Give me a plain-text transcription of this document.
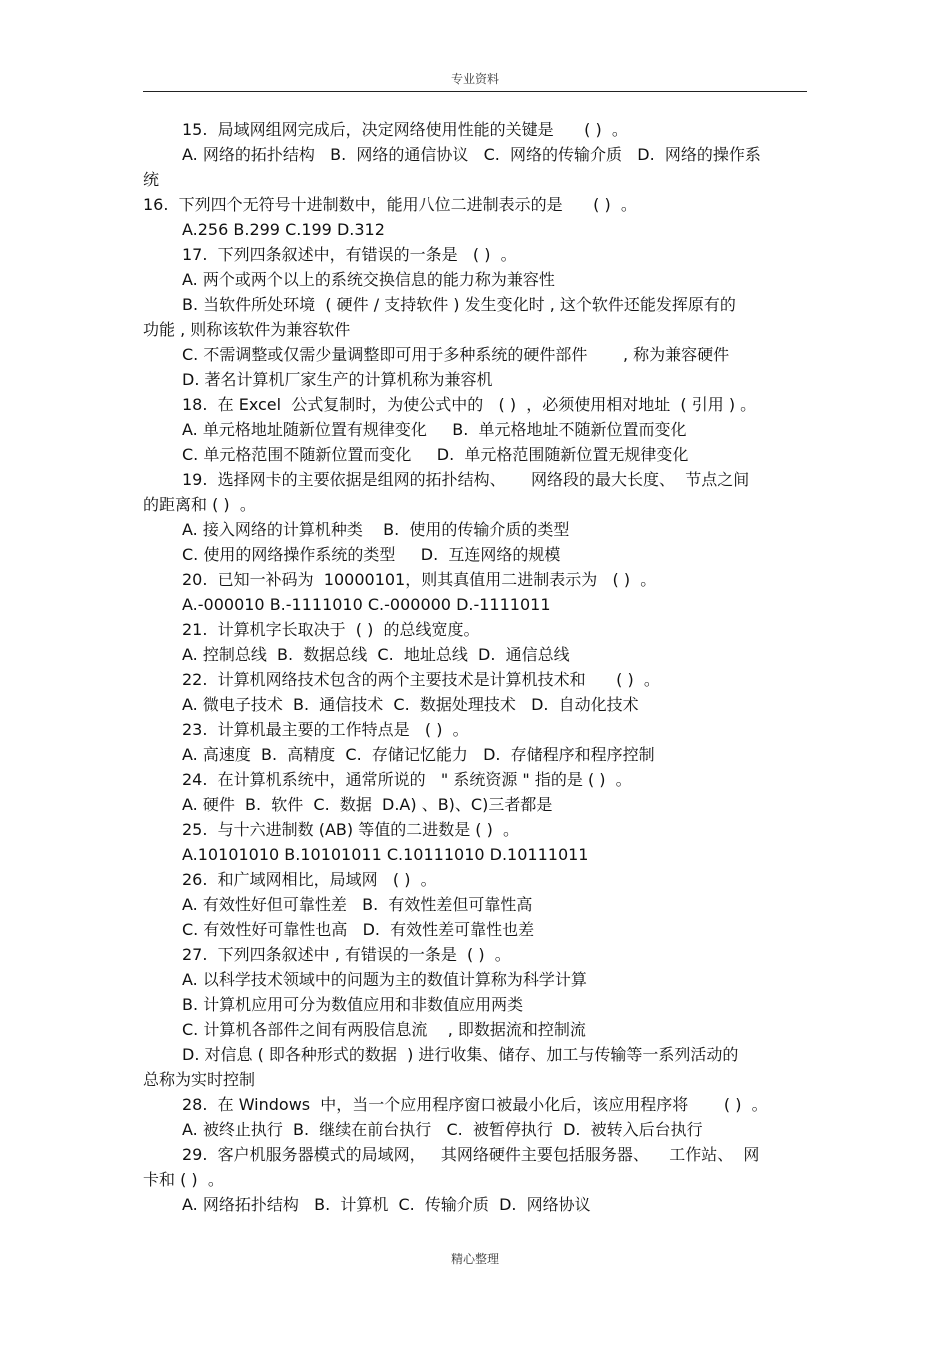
专业资料

15.  局域网组网完成后，决定网络使用性能的关键是      ( )  。

A. 网络的拓扑结构   B.  网络的通信协议   C.  网络的传输介质   D.  网络的操作系

统

16.  下列四个无符号十进制数中，能用八位二进制表示的是      ( )  。

A.256 B.299 C.199 D.312

17.  下列四条叙述中，有错误的一条是   ( )  。

A. 两个或两个以上的系统交换信息的能力称为兼容性

B. 当软件所处环境  ( 硬件 / 支持软件 ) 发生变化时 , 这个软件还能发挥原有的

功能 , 则称该软件为兼容软件

C. 不需调整或仅需少量调整即可用于多种系统的硬件部件       , 称为兼容硬件

D. 著名计算机厂家生产的计算机称为兼容机

18.  在 Excel  公式复制时，为使公式中的   ( )  ，必须使用相对地址  ( 引用 ) 。

A. 单元格地址随新位置有规律变化     B.  单元格地址不随新位置而变化

C. 单元格范围不随新位置而变化     D.  单元格范围随新位置无规律变化

19.  选择网卡的主要依据是组网的拓扑结构、     网络段的最大长度、  节点之间

的距离和 ( )  。

A. 接入网络的计算机种类    B.  使用的传输介质的类型

C. 使用的网络操作系统的类型     D.  互连网络的规模

20.  已知一补码为  10000101，则其真值用二进制表示为   ( )  。

A.-000010 B.-1111010 C.-000000 D.-1111011

21.  计算机字长取决于  ( )  的总线宽度。

A. 控制总线  B.  数据总线  C.  地址总线  D.  通信总线

22.  计算机网络技术包含的两个主要技术是计算机技术和      ( )  。

A. 微电子技术  B.  通信技术  C.  数据处理技术   D.  自动化技术

23.  计算机最主要的工作特点是   ( )  。

A. 高速度  B.  高精度  C.  存储记忆能力   D.  存储程序和程序控制

24.  在计算机系统中，通常所说的   " 系统资源 " 指的是 ( )  。

A. 硬件  B.  软件  C.  数据  D.A) 、B)、C)三者都是

25.  与十六进制数 (AB) 等值的二进数是 ( )  。

A.10101010 B.10101011 C.10111010 D.10111011

26.  和广域网相比，局域网   ( )  。

A. 有效性好但可靠性差   B.  有效性差但可靠性高

C. 有效性好可靠性也高   D.  有效性差可靠性也差

27.  下列四条叙述中 , 有错误的一条是  ( )  。

A. 以科学技术领域中的问题为主的数值计算称为科学计算

B. 计算机应用可分为数值应用和非数值应用两类

C. 计算机各部件之间有两股信息流    , 即数据流和控制流

D. 对信息 ( 即各种形式的数据  ) 进行收集、储存、加工与传输等一系列活动的

总称为实时控制

28.  在 Windows  中，当一个应用程序窗口被最小化后，该应用程序将       ( )  。

A. 被终止执行  B.  继续在前台执行   C.  被暂停执行  D.  被转入后台执行

29.  客户机服务器模式的局域网，   其网络硬件主要包括服务器、    工作站、  网

卡和 ( )  。

A. 网络拓扑结构   B.  计算机  C.  传输介质  D.  网络协议

精心整理
